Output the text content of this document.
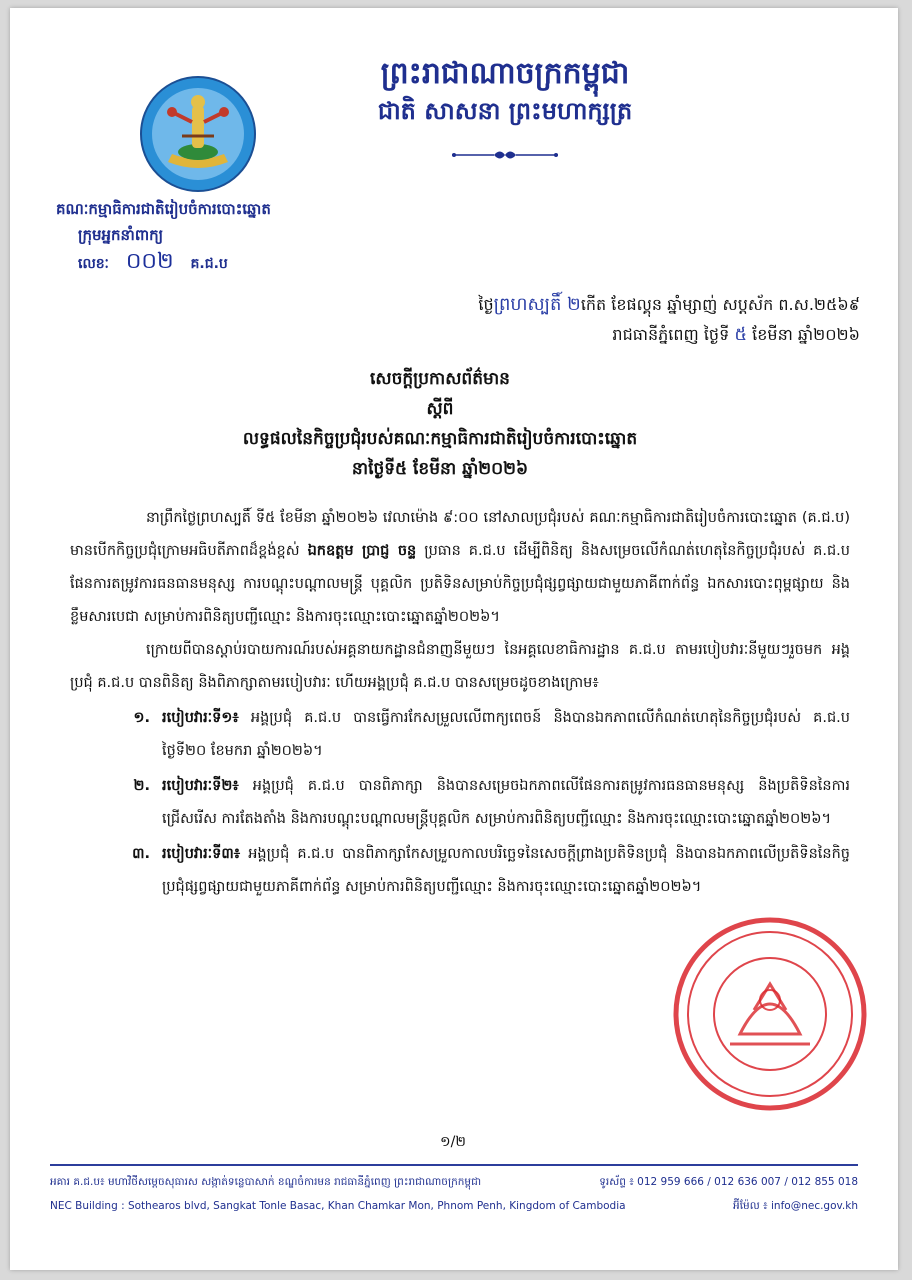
ព្រះរាជាណាចក្រកម្ពុជា
ជាតិ សាសនា ព្រះមហាក្សត្រ
គណៈកម្មាធិការជាតិរៀបចំការបោះឆ្នោត
ក្រុមអ្នកនាំពាក្យ
លេខៈ ០០២ គ.ជ.ប
ថ្ងៃព្រហស្បតិ៍ ២កើត ខែផល្គុន ឆ្នាំម្សាញ់ សប្តស័ក ព.ស.២៥៦៩
រាជធានីភ្នំពេញ ថ្ងៃទី ៥ ខែមីនា ឆ្នាំ២០២៦
សេចក្តីប្រកាសព័ត៌មាន
ស្តីពី
លទ្ធផលនៃកិច្ចប្រជុំរបស់គណៈកម្មាធិការជាតិរៀបចំការបោះឆ្នោត
នាថ្ងៃទី៥ ខែមីនា ឆ្នាំ២០២៦

នាព្រឹកថ្ងៃព្រហស្បតិ៍ ទី៥ ខែមីនា ឆ្នាំ២០២៦ វេលាម៉ោង ៩:០០ នៅសាលប្រជុំរបស់ គណៈកម្មាធិការជាតិរៀបចំការបោះឆ្នោត (គ.ជ.ប) មានបើកកិច្ចប្រជុំក្រោមអធិបតីភាពដ៏ខ្ពង់ខ្ពស់ ឯកឧត្តម ប្រាជ្ញ ចន្ទ ប្រធាន គ.ជ.ប ដើម្បីពិនិត្យ និងសម្រេចលើកំណត់ហេតុនៃកិច្ចប្រជុំរបស់ គ.ជ.ប ផែនការតម្រូវការធនធានមនុស្ស ការបណ្តុះបណ្តាលមន្ត្រី បុគ្គលិក ប្រតិទិនសម្រាប់កិច្ចប្រជុំផ្សព្វផ្សាយជាមួយភាគីពាក់ព័ន្ធ ឯកសារបោះពុម្ពផ្សាយ និងខ្លឹមសារបេជា សម្រាប់ការពិនិត្យបញ្ជីឈ្មោះ និងការចុះឈ្មោះបោះឆ្នោតឆ្នាំ២០២៦។

ក្រោយពីបានស្តាប់របាយការណ៍របស់អគ្គនាយកដ្ឋានជំនាញនីមួយៗ នៃអគ្គលេខាធិការដ្ឋាន គ.ជ.ប តាមរបៀបវារៈនីមួយៗរួចមក អង្គប្រជុំ គ.ជ.ប បានពិនិត្យ និងពិភាក្សាតាមរបៀបវារៈ ហើយអង្គប្រជុំ គ.ជ.ប បានសម្រេចដូចខាងក្រោម៖

១. របៀបវារៈទី១៖ អង្គប្រជុំ គ.ជ.ប បានធ្វើការកែសម្រួលលើពាក្យពេចន៍ និងបានឯកភាពលើកំណត់ហេតុនៃកិច្ចប្រជុំរបស់ គ.ជ.ប ថ្ងៃទី២០ ខែមករា ឆ្នាំ២០២៦។
២. របៀបវារៈទី២៖ អង្គប្រជុំ គ.ជ.ប បានពិភាក្សា និងបានសម្រេចឯកភាពលើផែនការតម្រូវការធនធានមនុស្ស និងប្រតិទិននៃការជ្រើសរើស ការតែងតាំង និងការបណ្តុះបណ្តាលមន្ត្រីបុគ្គលិក សម្រាប់ការពិនិត្យបញ្ជីឈ្មោះ និងការចុះឈ្មោះបោះឆ្នោតឆ្នាំ២០២៦។
៣. របៀបវារៈទី៣៖ អង្គប្រជុំ គ.ជ.ប បានពិភាក្សាកែសម្រួលកាលបរិច្ឆេទនៃសេចក្តីព្រាងប្រតិទិនប្រជុំ និងបានឯកភាពលើប្រតិទិននៃកិច្ចប្រជុំផ្សព្វផ្សាយជាមួយភាគីពាក់ព័ន្ធ សម្រាប់ការពិនិត្យបញ្ជីឈ្មោះ និងការចុះឈ្មោះបោះឆ្នោតឆ្នាំ២០២៦។
១/២
អគារ គ.ជ.ប៖ មហាវិថីសម្តេចសុធារស សង្កាត់ទន្លេបាសាក់ ខណ្ឌចំការមន រាជធានីភ្នំពេញ ព្រះរាជាណាចក្រកម្ពុជា	ទូរស័ព្ទ ៖ 012 959 666 / 012 636 007 / 012 855 018
NEC Building : Sothearos blvd, Sangkat Tonle Basac, Khan Chamkar Mon, Phnom Penh, Kingdom of Cambodia	អ៊ីម៉ែល ៖ info@nec.gov.kh
